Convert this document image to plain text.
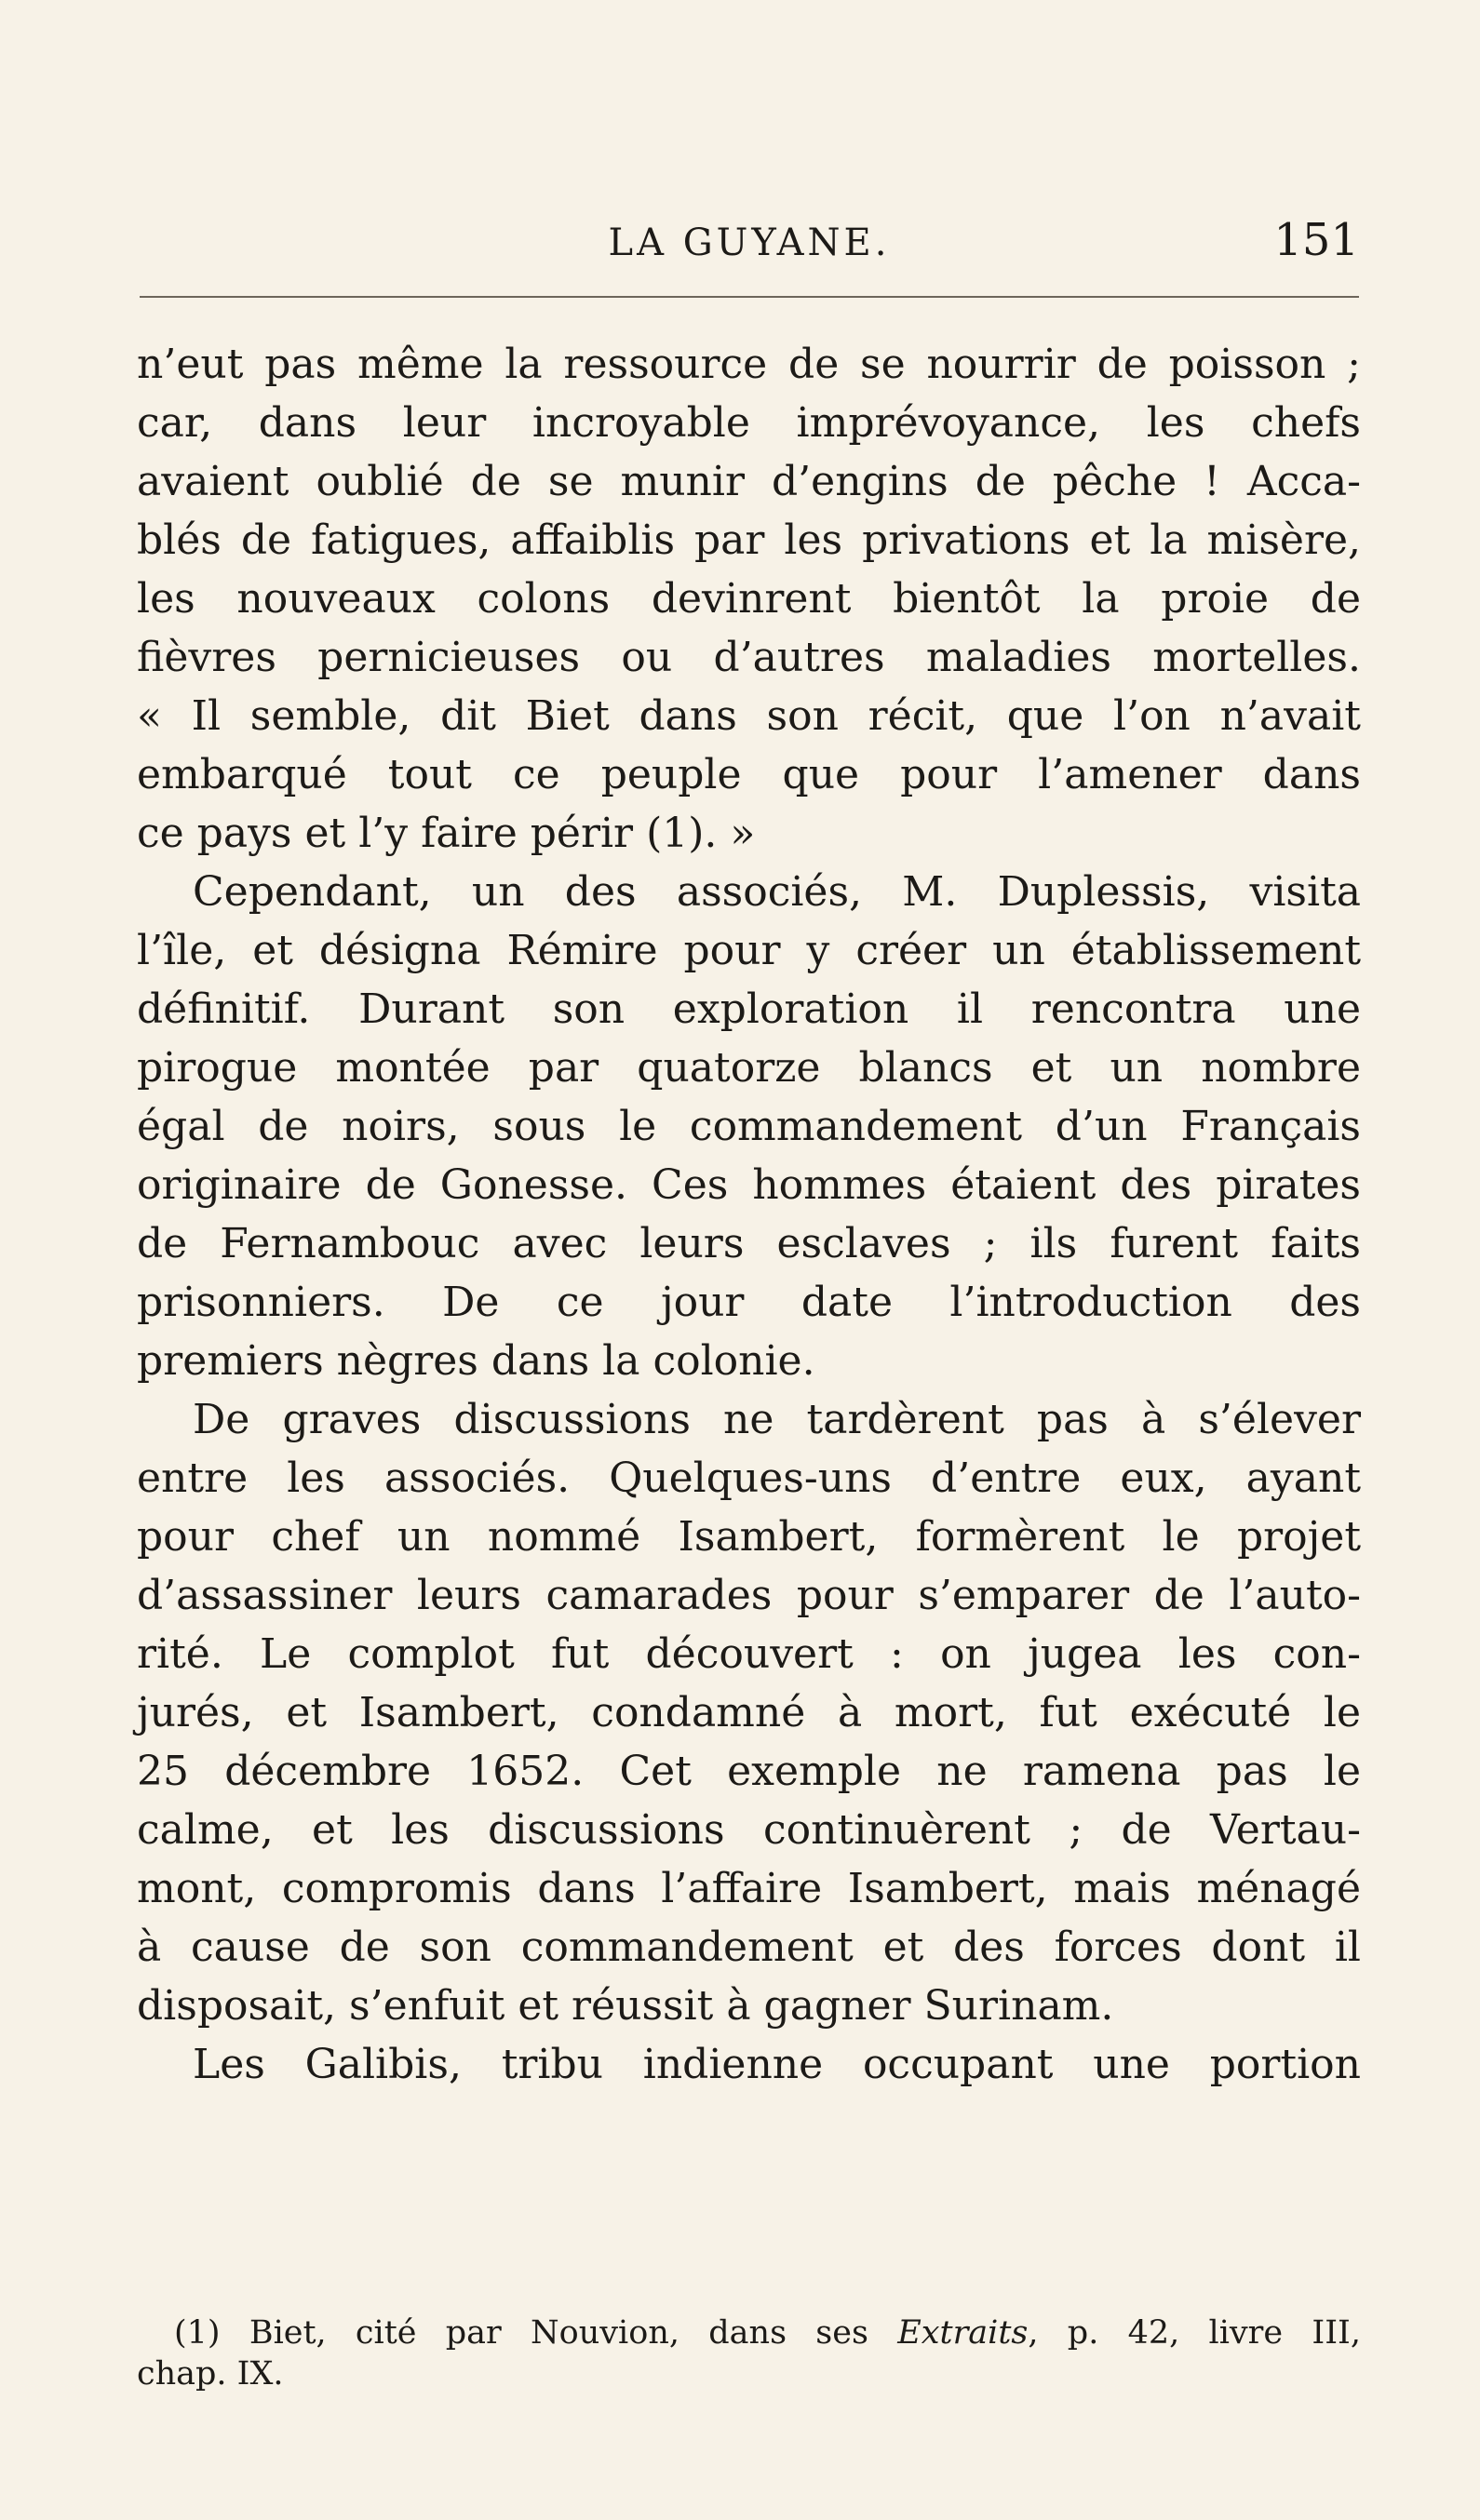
LA GUYANE.	151
n’eut pas même la ressource de se nourrir de poisson ;
car, dans leur incroyable imprévoyance, les chefs
avaient oublié de se munir d’engins de pêche ! Acca-
blés de fatigues, affaiblis par les privations et la misère,
les nouveaux colons devinrent bientôt la proie de
fièvres pernicieuses ou d’autres maladies mortelles.
« Il semble, dit Biet dans son récit, que l’on n’avait
embarqué tout ce peuple que pour l’amener dans
ce pays et l’y faire périr (1). »
Cependant, un des associés, M. Duplessis, visita
l’île, et désigna Rémire pour y créer un établissement
définitif. Durant son exploration il rencontra une
pirogue montée par quatorze blancs et un nombre
égal de noirs, sous le commandement d’un Français
originaire de Gonesse. Ces hommes étaient des pirates
de Fernambouc avec leurs esclaves ; ils furent faits
prisonniers. De ce jour date l’introduction des
premiers nègres dans la colonie.
De graves discussions ne tardèrent pas à s’élever
entre les associés. Quelques-uns d’entre eux, ayant
pour chef un nommé Isambert, formèrent le projet
d’assassiner leurs camarades pour s’emparer de l’auto-
rité. Le complot fut découvert : on jugea les con-
jurés, et Isambert, condamné à mort, fut exécuté le
25 décembre 1652. Cet exemple ne ramena pas le
calme, et les discussions continuèrent ; de Vertau-
mont, compromis dans l’affaire Isambert, mais ménagé
à cause de son commandement et des forces dont il
disposait, s’enfuit et réussit à gagner Surinam.
Les Galibis, tribu indienne occupant une portion
(1) Biet, cité par Nouvion, dans ses Extraits, p. 42, livre III,
chap. IX.
